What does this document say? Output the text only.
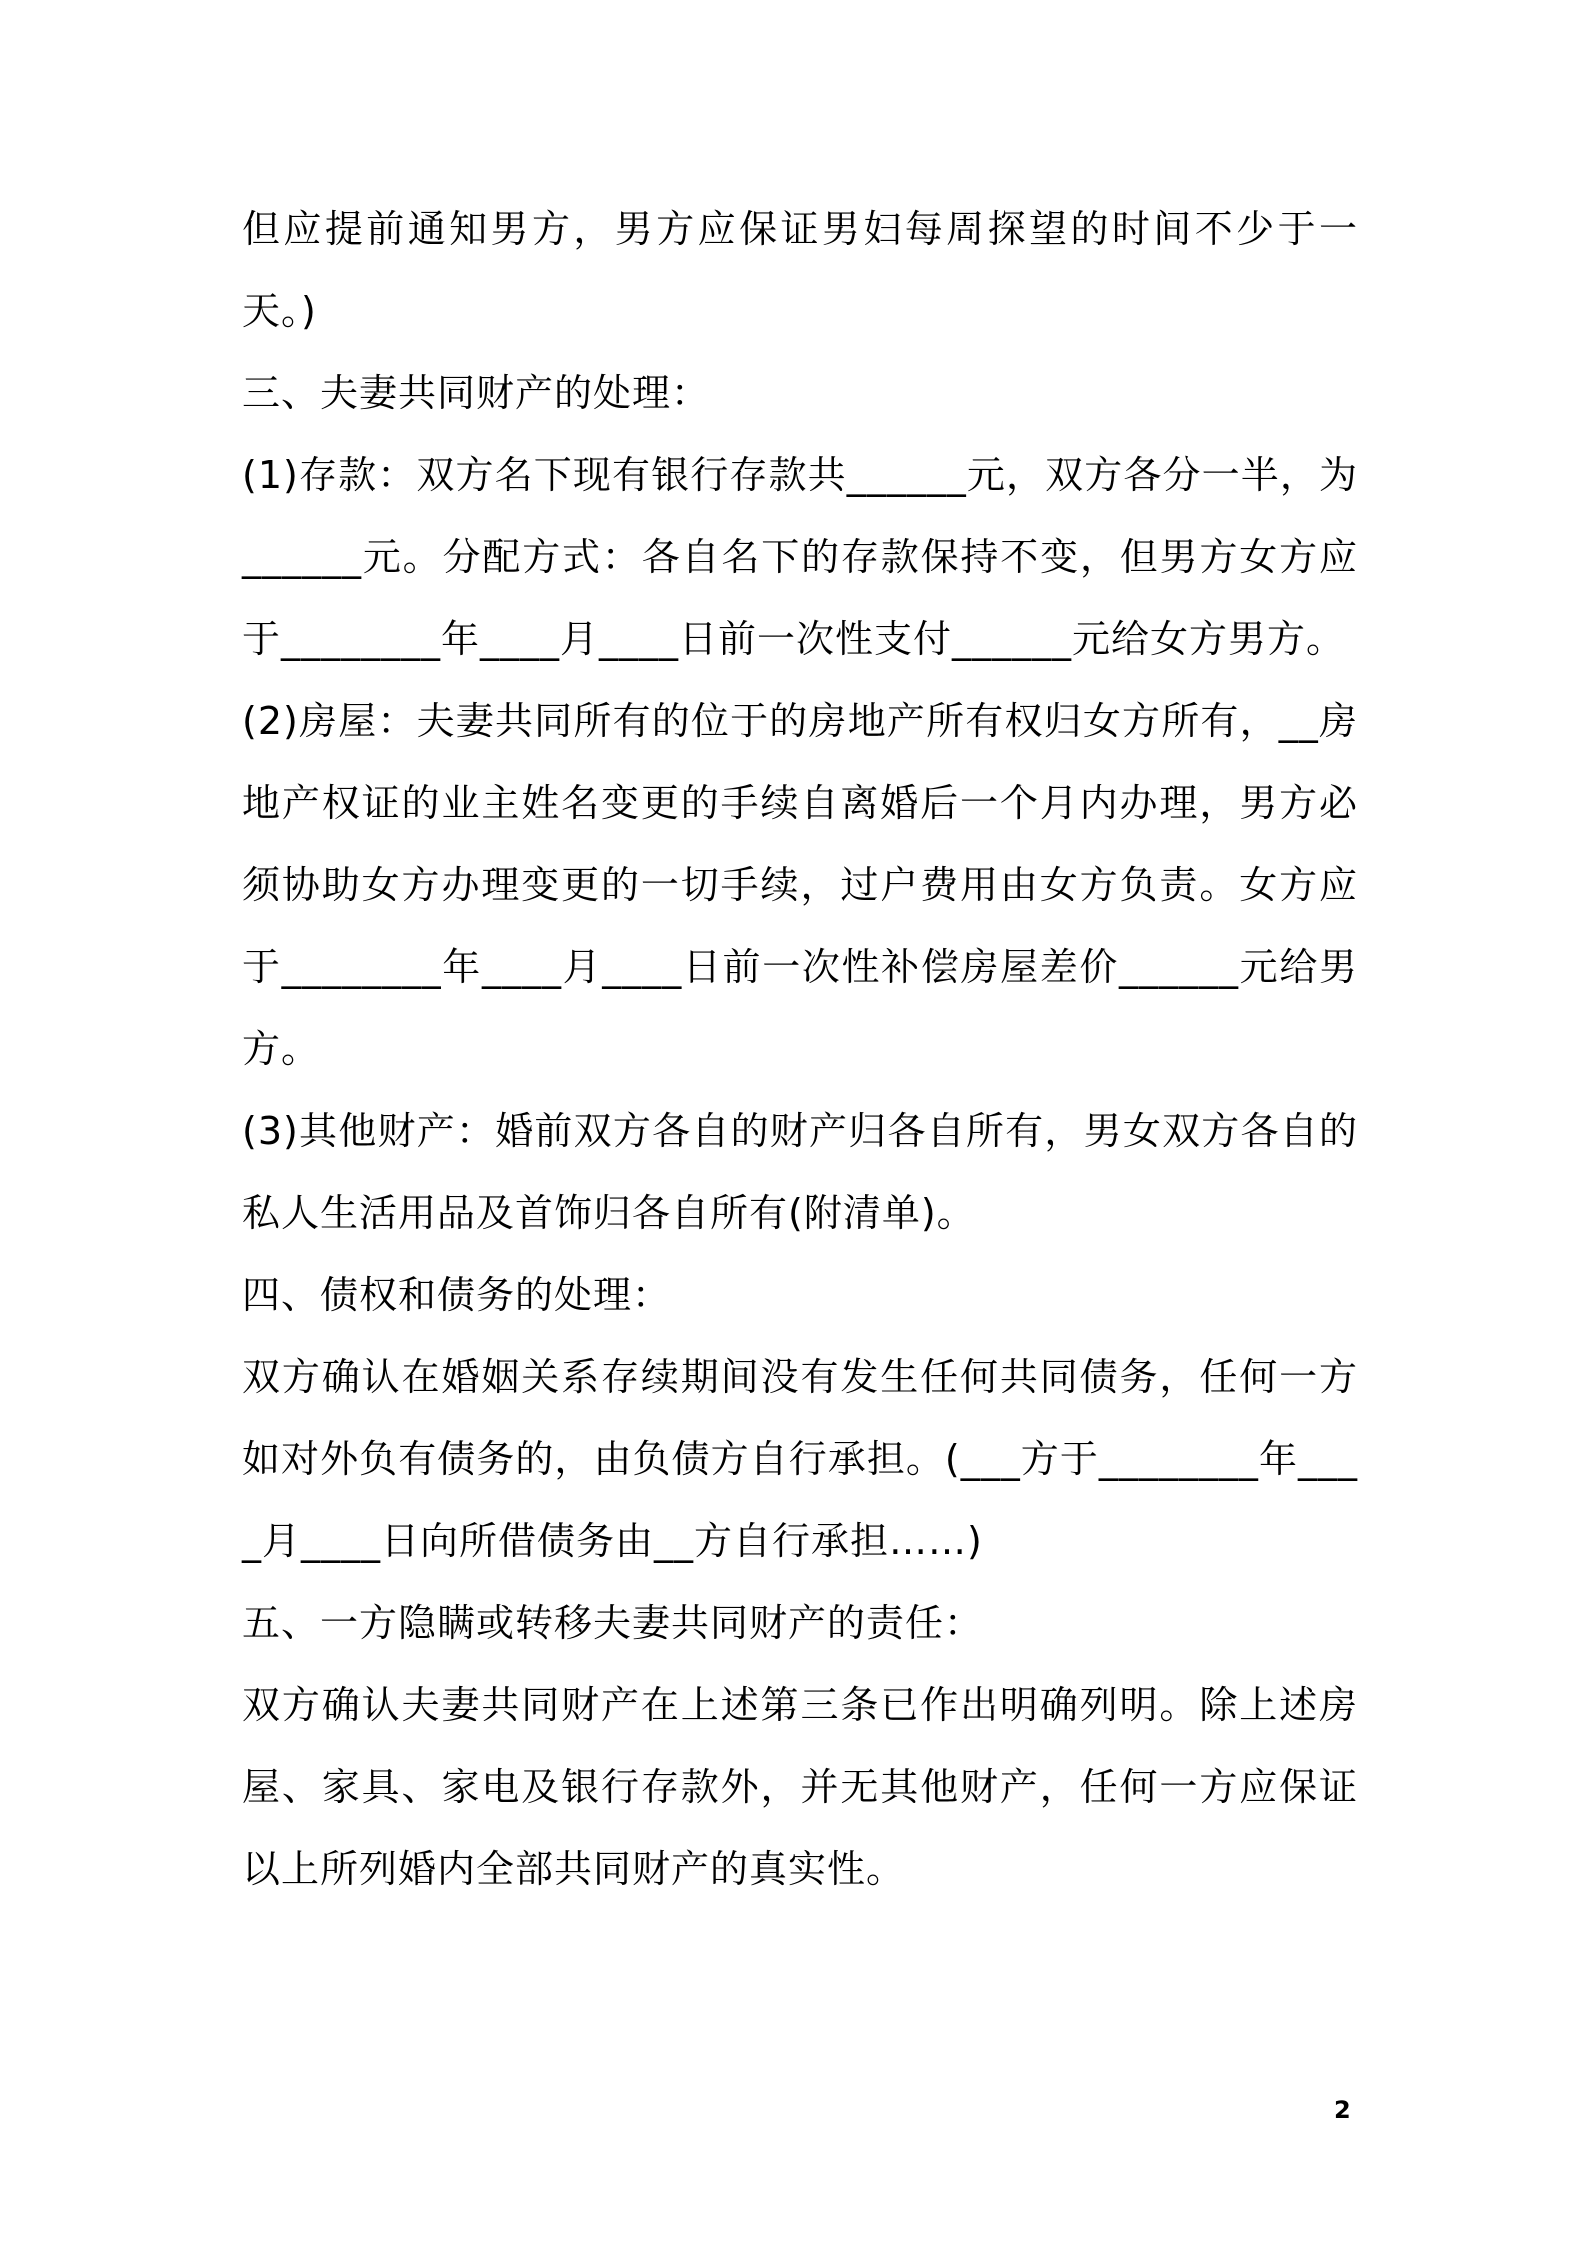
但应提前通知男方，男方应保证男妇每周探望的时间不少于一天。)

三、夫妻共同财产的处理：

(1)存款：双方名下现有银行存款共______元，双方各分一半，为______元。分配方式：各自名下的存款保持不变，但男方女方应于________年____月____日前一次性支付______元给女方男方。

(2)房屋：夫妻共同所有的位于的房地产所有权归女方所有，__房地产权证的业主姓名变更的手续自离婚后一个月内办理，男方必须协助女方办理变更的一切手续，过户费用由女方负责。女方应于________年____月____日前一次性补偿房屋差价______元给男方。

(3)其他财产：婚前双方各自的财产归各自所有，男女双方各自的私人生活用品及首饰归各自所有(附清单)。

四、债权和债务的处理：

双方确认在婚姻关系存续期间没有发生任何共同债务，任何一方如对外负有债务的，由负债方自行承担。(___方于________年____月____日向所借债务由__方自行承担……)

五、一方隐瞒或转移夫妻共同财产的责任：

双方确认夫妻共同财产在上述第三条已作出明确列明。除上述房屋、家具、家电及银行存款外，并无其他财产，任何一方应保证以上所列婚内全部共同财产的真实性。

2
